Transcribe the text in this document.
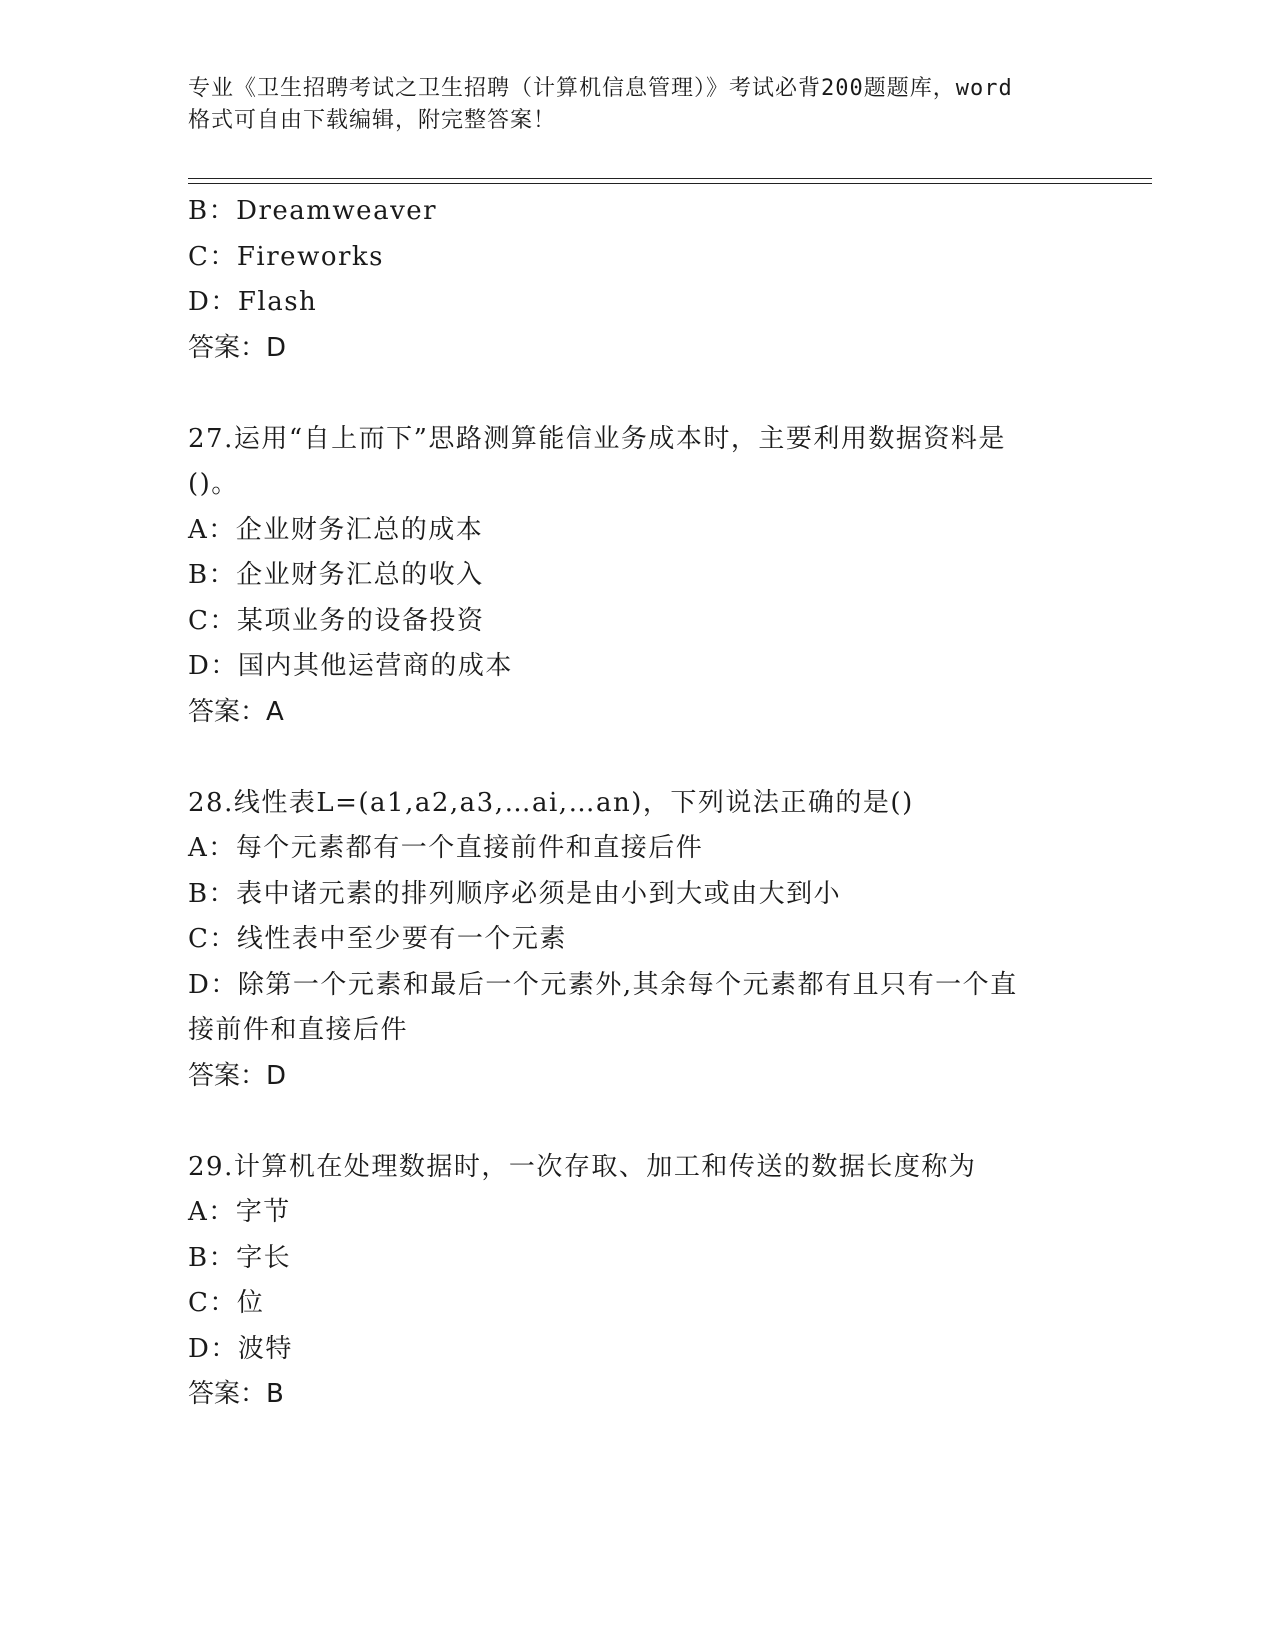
专业《卫生招聘考试之卫生招聘（计算机信息管理）》考试必背200题题库，word
格式可自由下载编辑，附完整答案！
B：Dreamweaver
C：Fireworks
D：Flash
答案：D
27.运用“自上而下”思路测算能信业务成本时，主要利用数据资料是
()。
A：企业财务汇总的成本
B：企业财务汇总的收入
C：某项业务的设备投资
D：国内其他运营商的成本
答案：A
28.线性表L=(a1,a2,a3,…ai,…an)，下列说法正确的是()
A：每个元素都有一个直接前件和直接后件
B：表中诸元素的排列顺序必须是由小到大或由大到小
C：线性表中至少要有一个元素
D：除第一个元素和最后一个元素外,其余每个元素都有且只有一个直
接前件和直接后件
答案：D
29.计算机在处理数据时，一次存取、加工和传送的数据长度称为
A：字节
B：字长
C：位
D：波特
答案：B
